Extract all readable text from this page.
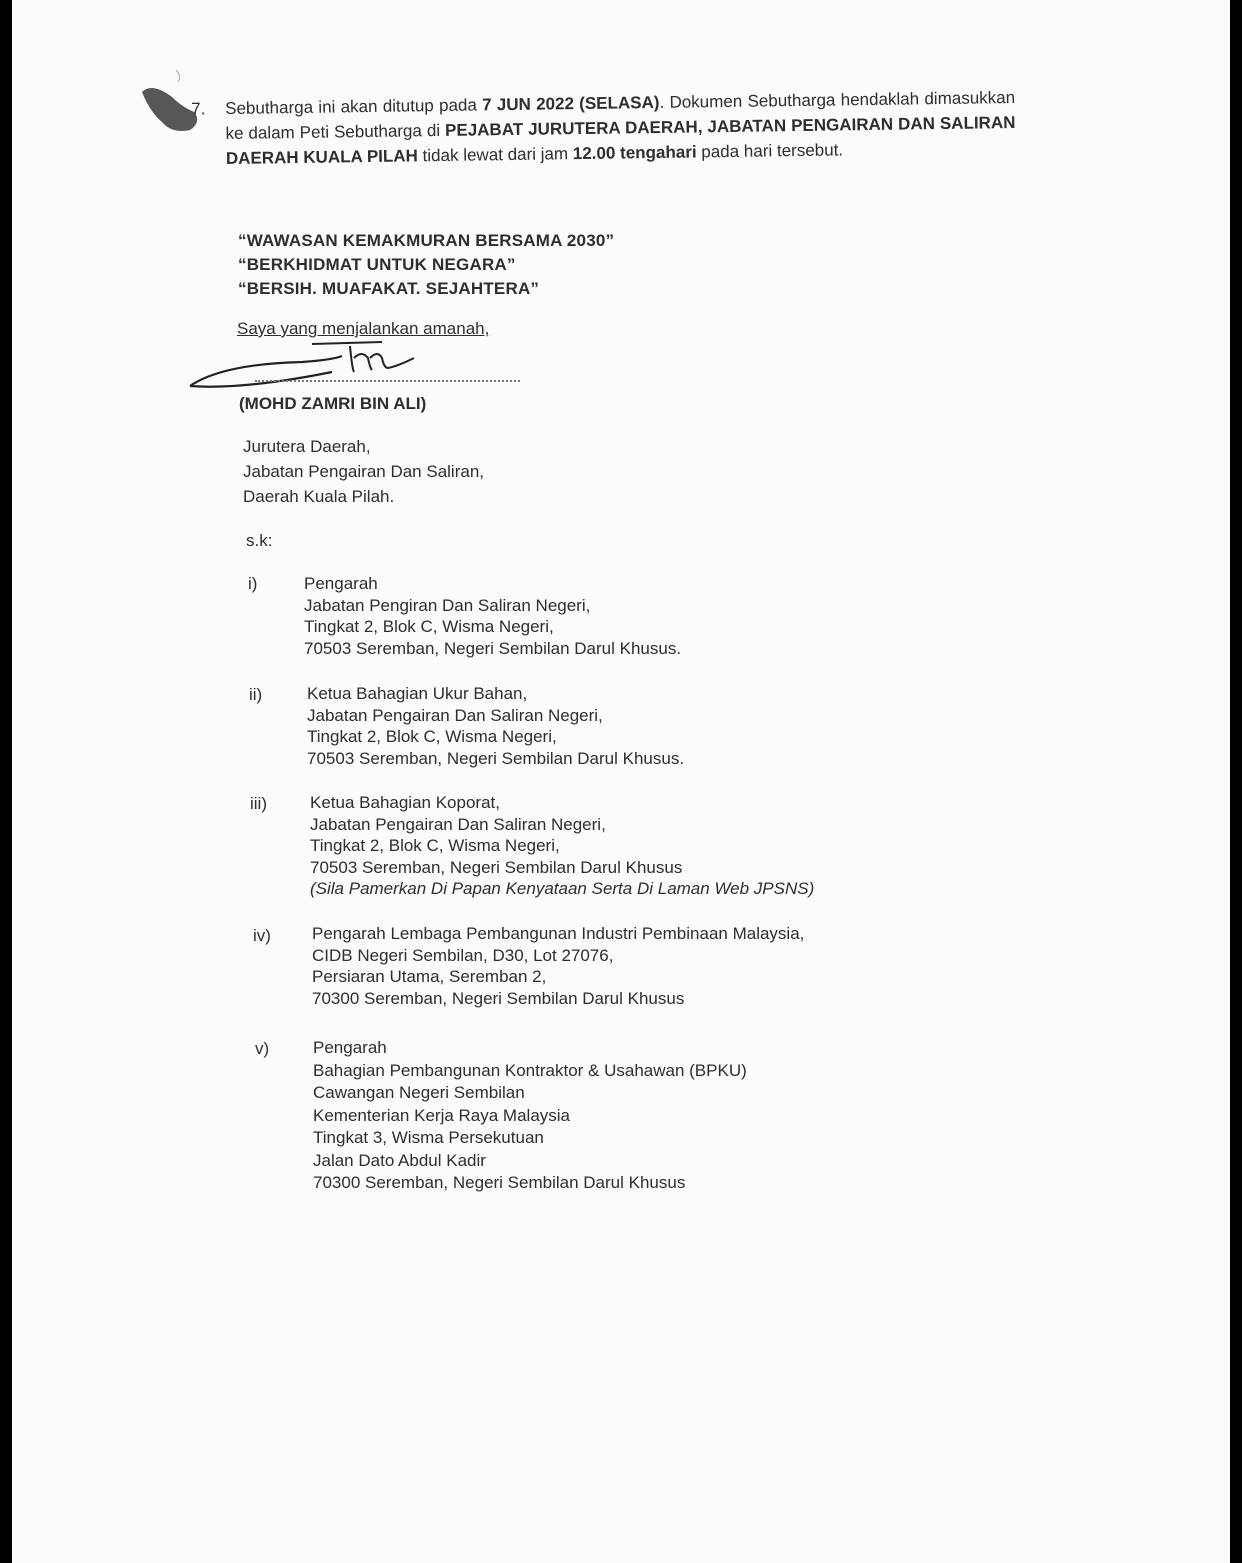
7. Sebutharga ini akan ditutup pada 7 JUN 2022 (SELASA). Dokumen Sebutharga hendaklah dimasukkan ke dalam Peti Sebutharga di PEJABAT JURUTERA DAERAH, JABATAN PENGAIRAN DAN SALIRAN DAERAH KUALA PILAH tidak lewat dari jam 12.00 tengahari pada hari tersebut.

“WAWASAN KEMAKMURAN BERSAMA 2030”
“BERKHIDMAT UNTUK NEGARA”
“BERSIH. MUAFAKAT. SEJAHTERA”
Saya yang menjalankan amanah,
(MOHD ZAMRI BIN ALI)
Jurutera Daerah,
Jabatan Pengairan Dan Saliran,
Daerah Kuala Pilah.
s.k:
i)	Pengarah
Jabatan Pengiran Dan Saliran Negeri,
Tingkat 2, Blok C, Wisma Negeri,
70503 Seremban, Negeri Sembilan Darul Khusus.
ii)	Ketua Bahagian Ukur Bahan,
Jabatan Pengairan Dan Saliran Negeri,
Tingkat 2, Blok C, Wisma Negeri,
70503 Seremban, Negeri Sembilan Darul Khusus.
iii)	Ketua Bahagian Koporat,
Jabatan Pengairan Dan Saliran Negeri,
Tingkat 2, Blok C, Wisma Negeri,
70503 Seremban, Negeri Sembilan Darul Khusus
(Sila Pamerkan Di Papan Kenyataan Serta Di Laman Web JPSNS)
iv) Pengarah Lembaga Pembangunan Industri Pembinaan Malaysia,
CIDB Negeri Sembilan, D30, Lot 27076,
Persiaran Utama, Seremban 2,
70300 Seremban, Negeri Sembilan Darul Khusus
v)	Pengarah
Bahagian Pembangunan Kontraktor & Usahawan (BPKU)
Cawangan Negeri Sembilan
Kementerian Kerja Raya Malaysia
Tingkat 3, Wisma Persekutuan
Jalan Dato Abdul Kadir
70300 Seremban, Negeri Sembilan Darul Khusus
